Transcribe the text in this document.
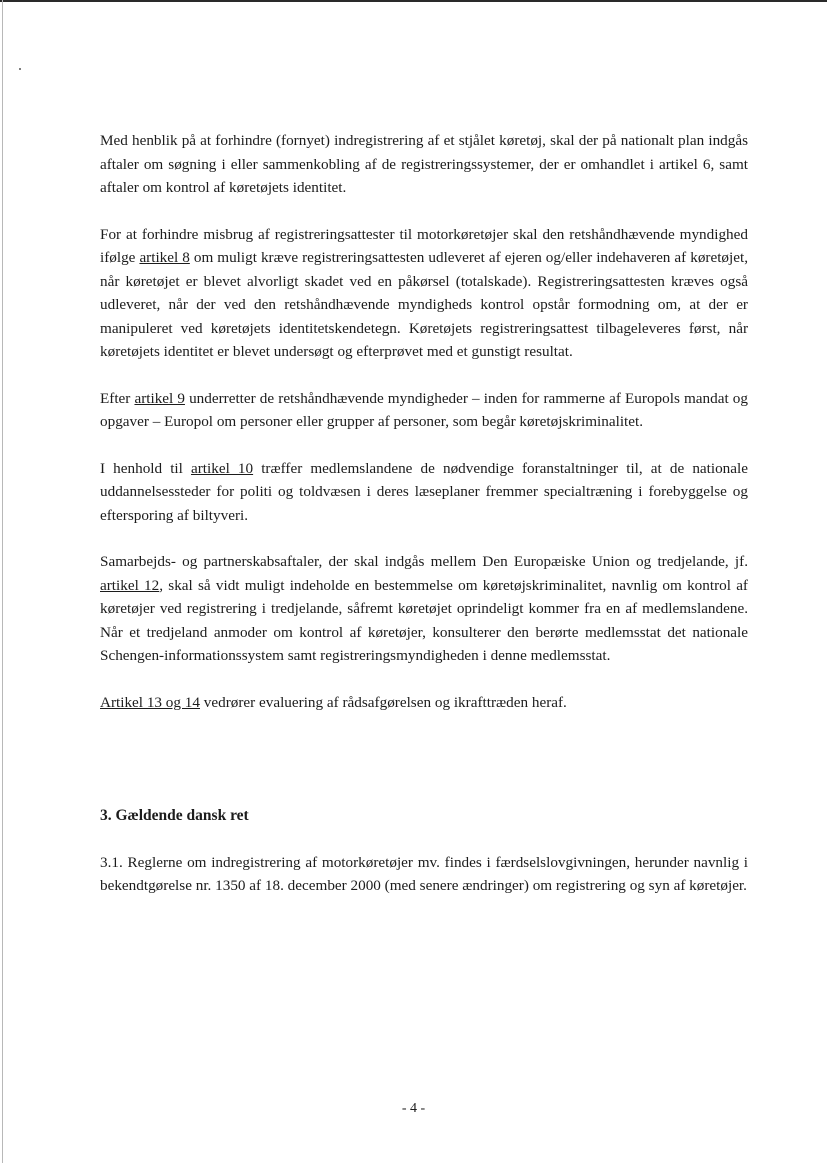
Med henblik på at forhindre (fornyet) indregistrering af et stjålet køretøj, skal der på nationalt plan indgås aftaler om søgning i eller sammenkobling af de registreringssystemer, der er omhandlet i artikel 6, samt aftaler om kontrol af køretøjets identitet.

For at forhindre misbrug af registreringsattester til motorkøretøjer skal den retshåndhævende myndighed ifølge artikel 8 om muligt kræve registreringsattesten udleveret af ejeren og/eller indehaveren af køretøjet, når køretøjet er blevet alvorligt skadet ved en påkørsel (totalskade). Registreringsattesten kræves også udleveret, når der ved den retshåndhævende myndigheds kontrol opstår formodning om, at der er manipuleret ved køretøjets identitetskendetegn. Køretøjets registreringsattest tilbageleveres først, når køretøjets identitet er blevet undersøgt og efterprøvet med et gunstigt resultat.

Efter artikel 9 underretter de retshåndhævende myndigheder – inden for rammerne af Europols mandat og opgaver – Europol om personer eller grupper af personer, som begår køretøjskriminalitet.

I henhold til artikel 10 træffer medlemslandene de nødvendige foranstaltninger til, at de nationale uddannelsessteder for politi og toldvæsen i deres læseplaner fremmer specialtræning i forebyggelse og eftersporing af biltyveri.

Samarbejds- og partnerskabsaftaler, der skal indgås mellem Den Europæiske Union og tredjelande, jf. artikel 12, skal så vidt muligt indeholde en bestemmelse om køretøjskriminalitet, navnlig om kontrol af køretøjer ved registrering i tredjelande, såfremt køretøjet oprindeligt kommer fra en af medlemslandene. Når et tredjeland anmoder om kontrol af køretøjer, konsulterer den berørte medlemsstat det nationale Schengen-informationssystem samt registreringsmyndigheden i denne medlemsstat.

Artikel 13 og 14 vedrører evaluering af rådsafgørelsen og ikrafttræden heraf.

3. Gældende dansk ret

3.1. Reglerne om indregistrering af motorkøretøjer mv. findes i færdselslovgivningen, herunder navnlig i bekendtgørelse nr. 1350 af 18. december 2000 (med senere ændringer) om registrering og syn af køretøjer.

- 4 -
